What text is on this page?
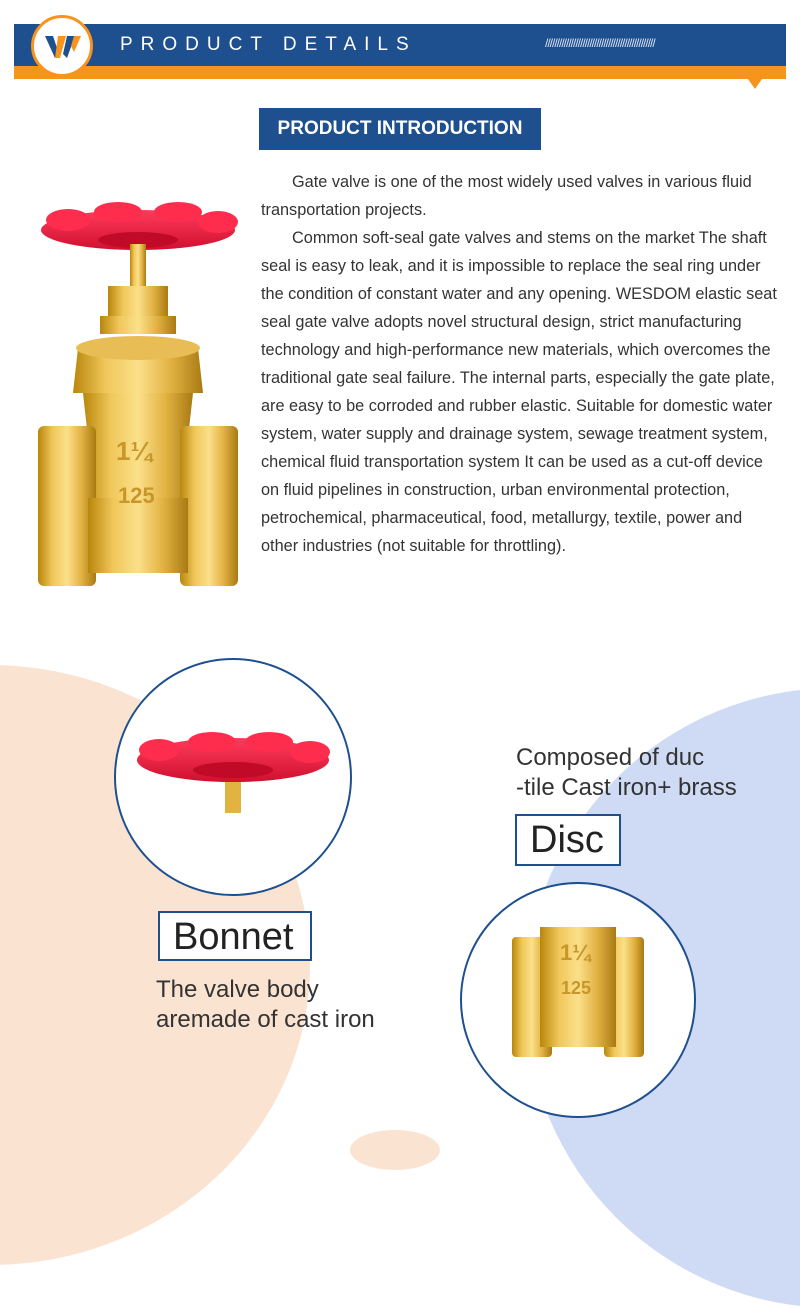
PRODUCT DETAILS	///////////////////////////////////////////////
PRODUCT INTRODUCTION
1¼
125

Gate valve is one of the most widely used valves in various fluid transportation projects.

Common soft-seal gate valves and stems on the market The shaft seal is easy to leak, and it is impossible to replace the seal ring under the condition of constant water and any opening. WESDOM elastic seat seal gate valve adopts novel structural design, strict manufacturing technology and high-performance new materials, which overcomes the traditional gate seal failure. The internal parts, especially the gate plate, are easy to be corroded and rubber elastic. Suitable for domestic water system, water supply and drainage system, sewage treatment system, chemical fluid transportation system It can be used as a cut-off device on fluid pipelines in construction, urban environmental protection, petrochemical, pharmaceutical, food, metallurgy, textile, power and other industries (not suitable for throttling).

1¼
125
Bonnet
Disc
Composed of duc
-tile Cast iron+ brass
The valve body
aremade of cast iron
